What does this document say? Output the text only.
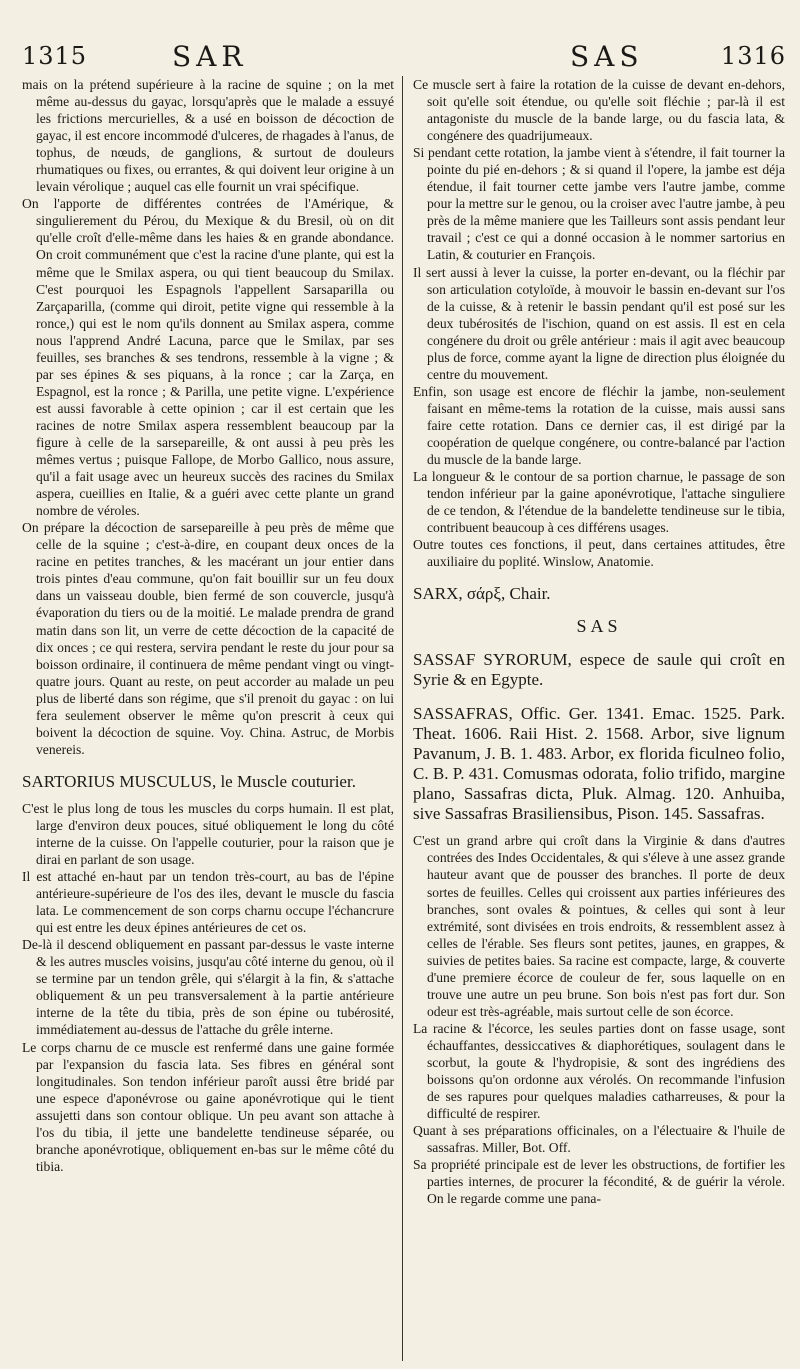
1315	SAR	SAS	1316

mais on la prétend supérieure à la racine de squine ; on la met même au-dessus du gayac, lorsqu'après que le malade a essuyé les frictions mercurielles, & a usé en boisson de décoction de gayac, il est encore incommodé d'ulceres, de rhagades à l'anus, de tophus, de nœuds, de ganglions, & surtout de douleurs rhumatiques ou fixes, ou errantes, & qui doivent leur origine à un levain vérolique ; auquel cas elle fournit un vrai spécifique.

On l'apporte de différentes contrées de l'Amérique, & singulierement du Pérou, du Mexique & du Bresil, où on dit qu'elle croît d'elle-même dans les haies & en grande abondance. On croit communément que c'est la racine d'une plante, qui est la même que le Smilax aspera, ou qui tient beaucoup du Smilax. C'est pourquoi les Espagnols l'appellent Sarsaparilla ou Zarçaparilla, (comme qui diroit, petite vigne qui ressemble à la ronce,) qui est le nom qu'ils donnent au Smilax aspera, comme nous l'apprend André Lacuna, parce que le Smilax, par ses feuilles, ses branches & ses tendrons, ressemble à la vigne ; & par ses épines & ses piquans, à la ronce ; car la Zarça, en Espagnol, est la ronce ; & Parilla, une petite vigne. L'expérience est aussi favorable à cette opinion ; car il est certain que les racines de notre Smilax aspera ressemblent beaucoup par la figure à celle de la sarsepareille, & ont aussi à peu près les mêmes vertus ; puisque Fallope, de Morbo Gallico, nous assure, qu'il a fait usage avec un heureux succès des racines du Smilax aspera, cueillies en Italie, & a guéri avec cette plante un grand nombre de véroles.

On prépare la décoction de sarsepareille à peu près de même que celle de la squine ; c'est-à-dire, en coupant deux onces de la racine en petites tranches, & les macérant un jour entier dans trois pintes d'eau commune, qu'on fait bouillir sur un feu doux dans un vaisseau double, bien fermé de son couvercle, jusqu'à évaporation du tiers ou de la moitié. Le malade prendra de grand matin dans son lit, un verre de cette décoction de la capacité de dix onces ; ce qui restera, servira pendant le reste du jour pour sa boisson ordinaire, il continuera de même pendant vingt ou vingt-quatre jours. Quant au reste, on peut accorder au malade un peu plus de liberté dans son régime, que s'il prenoit du gayac : on lui fera seulement observer le même qu'on prescrit à ceux qui boivent la décoction de squine. Voy. China. Astruc, de Morbis venereis.

SARTORIUS MUSCULUS, le Muscle couturier.

C'est le plus long de tous les muscles du corps humain. Il est plat, large d'environ deux pouces, situé obliquement le long du côté interne de la cuisse. On l'appelle couturier, pour la raison que je dirai en parlant de son usage.

Il est attaché en-haut par un tendon très-court, au bas de l'épine antérieure-supérieure de l'os des iles, devant le muscle du fascia lata. Le commencement de son corps charnu occupe l'échancrure qui est entre les deux épines antérieures de cet os.

De-là il descend obliquement en passant par-dessus le vaste interne & les autres muscles voisins, jusqu'au côté interne du genou, où il se termine par un tendon grêle, qui s'élargit à la fin, & s'attache obliquement & un peu transversalement à la partie antérieure interne de la tête du tibia, près de son épine ou tubérosité, immédiatement au-dessus de l'attache du grêle interne.

Le corps charnu de ce muscle est renfermé dans une gaine formée par l'expansion du fascia lata. Ses fibres en général sont longitudinales. Son tendon inférieur paroît aussi être bridé par une espece d'aponévrose ou gaine aponévrotique qui le tient assujetti dans son contour oblique. Un peu avant son attache à l'os du tibia, il jette une bandelette tendineuse séparée, ou branche aponévrotique, obliquement en-bas sur le même côté du tibia.

Ce muscle sert à faire la rotation de la cuisse de devant en-dehors, soit qu'elle soit étendue, ou qu'elle soit fléchie ; par-là il est antagoniste du muscle de la bande large, ou du fascia lata, & congénere des quadrijumeaux.

Si pendant cette rotation, la jambe vient à s'étendre, il fait tourner la pointe du pié en-dehors ; & si quand il l'opere, la jambe est déja étendue, il fait tourner cette jambe vers l'autre jambe, comme pour la mettre sur le genou, ou la croiser avec l'autre jambe, à peu près de la même maniere que les Tailleurs sont assis pendant leur travail ; c'est ce qui a donné occasion à le nommer sartorius en Latin, & couturier en François.

Il sert aussi à lever la cuisse, la porter en-devant, ou la fléchir par son articulation cotyloïde, à mouvoir le bassin en-devant sur l'os de la cuisse, & à retenir le bassin pendant qu'il est posé sur les deux tubérosités de l'ischion, quand on est assis. Il est en cela congénere du droit ou grêle antérieur : mais il agit avec beaucoup plus de force, comme ayant la ligne de direction plus éloignée du centre du mouvement.

Enfin, son usage est encore de fléchir la jambe, non-seulement faisant en même-tems la rotation de la cuisse, mais aussi sans faire cette rotation. Dans ce dernier cas, il est dirigé par la coopération de quelque congénere, ou contre-balancé par l'action du muscle de la bande large.

La longueur & le contour de sa portion charnue, le passage de son tendon inférieur par la gaine aponévrotique, l'attache singuliere de ce tendon, & l'étendue de la bandelette tendineuse sur le tibia, contribuent beaucoup à ces différens usages.

Outre toutes ces fonctions, il peut, dans certaines attitudes, être auxiliaire du poplité. Winslow, Anatomie.

SARX, σάρξ, Chair.

SAS

SASSAF SYRORUM, espece de saule qui croît en Syrie & en Egypte.

SASSAFRAS, Offic. Ger. 1341. Emac. 1525. Park. Theat. 1606. Raii Hist. 2. 1568. Arbor, sive lignum Pavanum, J. B. 1. 483. Arbor, ex florida ficulneo folio, C. B. P. 431. Comusmas odorata, folio trifido, margine plano, Sassafras dicta, Pluk. Almag. 120. Anhuiba, sive Sassafras Brasiliensibus, Pison. 145. Sassafras.

C'est un grand arbre qui croît dans la Virginie & dans d'autres contrées des Indes Occidentales, & qui s'éleve à une assez grande hauteur avant que de pousser des branches. Il porte de deux sortes de feuilles. Celles qui croissent aux parties inférieures des branches, sont ovales & pointues, & celles qui sont à leur extrémité, sont divisées en trois endroits, & ressemblent assez à celles de l'érable. Ses fleurs sont petites, jaunes, en grappes, & suivies de petites baies. Sa racine est compacte, large, & couverte d'une premiere écorce de couleur de fer, sous laquelle on en trouve une autre un peu brune. Son bois n'est pas fort dur. Son odeur est très-agréable, mais surtout celle de son écorce.

La racine & l'écorce, les seules parties dont on fasse usage, sont échauffantes, dessiccatives & diaphorétiques, soulagent dans le scorbut, la goute & l'hydropisie, & sont des ingrédiens des boissons qu'on ordonne aux vérolés. On recommande l'infusion de ses rapures pour quelques maladies catharreuses, & pour la difficulté de respirer.

Quant à ses préparations officinales, on a l'électuaire & l'huile de sassafras. Miller, Bot. Off.

Sa propriété principale est de lever les obstructions, de fortifier les parties internes, de procurer la fécondité, & de guérir la vérole. On le regarde comme une pana-
